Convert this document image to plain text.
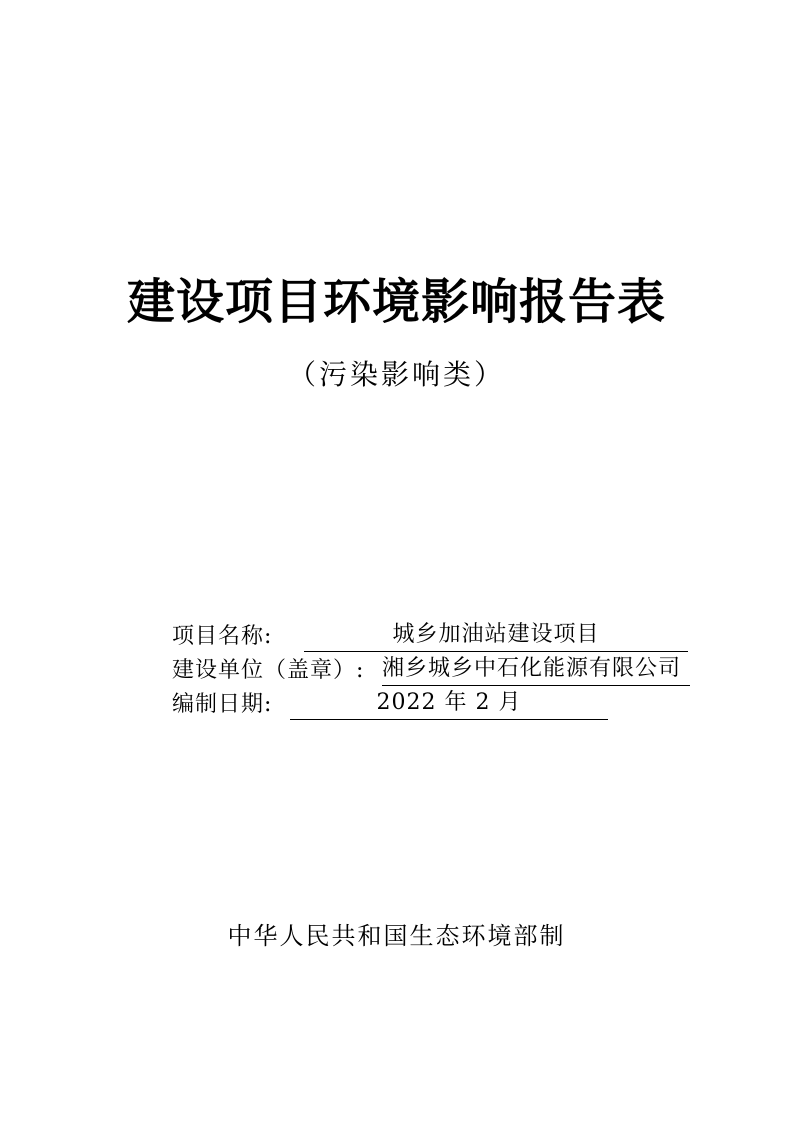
建设项目环境影响报告表
（污染影响类）
项目名称:	城乡加油站建设项目
建设单位（盖章）: 湘乡城乡中石化能源有限公司
编制日期:	2022 年 2 月
中华人民共和国生态环境部制
